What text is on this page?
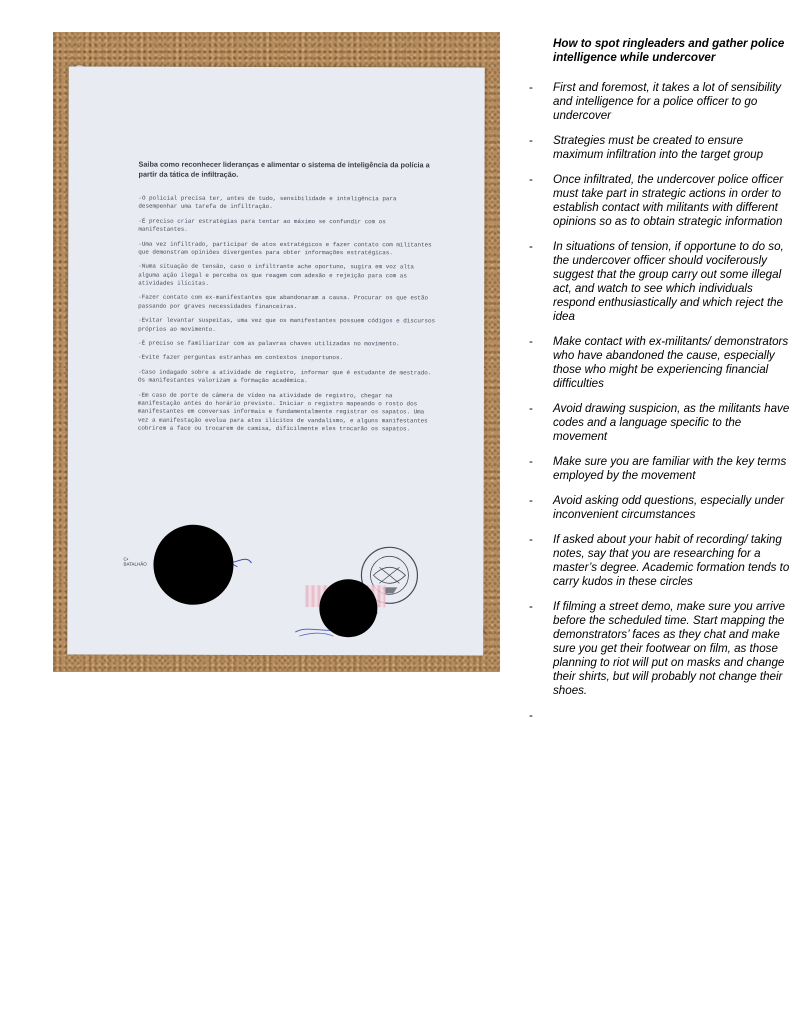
Saiba como reconhecer lideranças e alimentar o sistema de inteligência da polícia a partir da tática de infiltração.
-O policial precisa ter, antes de tudo, sensibilidade e inteligência para desempenhar uma tarefa de infiltração.
-É preciso criar estratégias para tentar ao máximo se confundir com os manifestantes.
-Uma vez infiltrado, participar de atos estratégicos e fazer contato com militantes que demonstram opiniões divergentes para obter informações estratégicas.
-Numa situação de tensão, caso o infiltrante ache oportuno, sugira em voz alta alguma ação ilegal e perceba os que reagem com adesão e rejeição para com as atividades ilícitas.
-Fazer contato com ex-manifestantes que abandonaram a causa. Procurar os que estão passando por graves necessidades financeiras.
-Evitar levantar suspeitas, uma vez que os manifestantes possuem códigos e discursos próprios ao movimento.
-É preciso se familiarizar com as palavras chaves utilizadas no movimento.
-Evite fazer perguntas estranhas em contextos inoportunos.
-Caso indagado sobre a atividade de registro, informar que é estudante de mestrado. Os manifestantes valorizam a formação acadêmica.
-Em caso de porte de câmera de vídeo na atividade de registro, chegar na manifestação antes do horário previsto. Iniciar o registro mapeando o rosto dos manifestantes em conversas informais e fundamentalmente registrar os sapatos. Uma vez a manifestação evolua para atos ilícitos de vandalismo, e alguns manifestantes cobrirem a face ou trocarem de camisa, dificilmente eles trocarão os sapatos.
C•
BATALHÃO
How to spot ringleaders and gather police intelligence while undercover
- First and foremost, it takes a lot of sensibility and intelligence for a police officer to go undercover
- Strategies must be created to ensure maximum infiltration into the target group
- Once infiltrated, the undercover police officer must take part in strategic actions in order to establish contact with militants with different opinions so as to obtain strategic information
- In situations of tension, if opportune to do so, the undercover officer should vociferously suggest that the group carry out some illegal act, and watch to see which individuals respond enthusiastically and which reject the idea
- Make contact with ex-militants/ demonstrators who have abandoned the cause, especially those who might be experiencing financial difficulties
- Avoid drawing suspicion, as the militants have codes and a language specific to the movement
- Make sure you are familiar with the key terms employed by the movement
- Avoid asking odd questions, especially under inconvenient circumstances
- If asked about your habit of recording/ taking notes, say that you are researching for a master’s degree. Academic formation tends to carry kudos in these circles
- If filming a street demo, make sure you arrive before the scheduled time. Start mapping the demonstrators’ faces as they chat and make sure you get their footwear on film, as those planning to riot will put on masks and change their shirts, but will probably not change their shoes.
-
